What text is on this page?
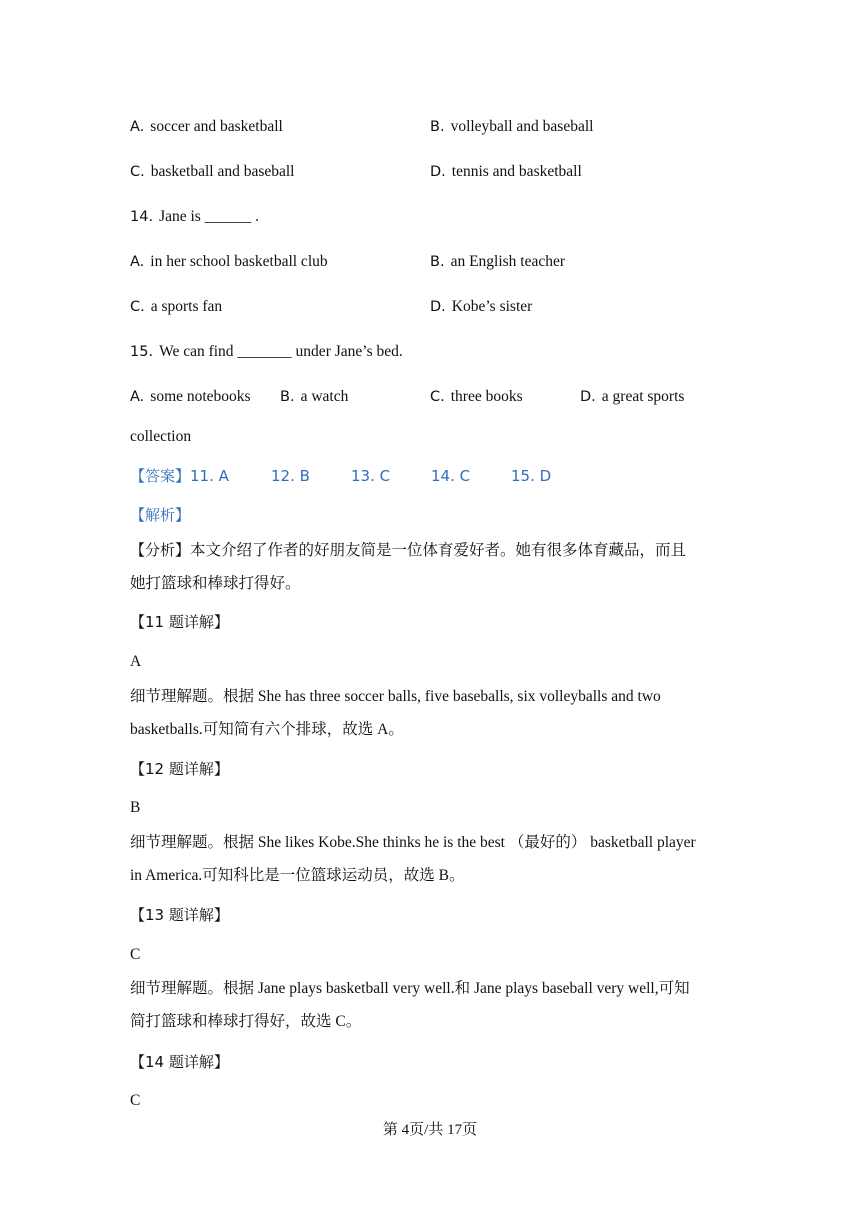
A. soccer and basketball	B. volleyball and baseball
C. basketball and baseball	D. tennis and basketball
14. Jane is ______ .
A. in her school basketball club	B. an English teacher
C. a sports fan	D. Kobe’s sister
15. We can find _______ under Jane’s bed.
A. some notebooks B. a watch	C. three books	D. a great sports
collection
【答案】11. A	12. B	13. C	14. C	15. D
【解析】
【分析】本文介绍了作者的好朋友简是一位体育爱好者。她有很多体育藏品，而且
她打篮球和棒球打得好。
【11 题详解】
A
细节理解题。根据 She has three soccer balls, five baseballs, six volleyballs and two
basketballs.可知简有六个排球，故选 A。
【12 题详解】
B
细节理解题。根据 She likes Kobe.She thinks he is the best （最好的） basketball player
in America.可知科比是一位篮球运动员，故选 B。
【13 题详解】
C
细节理解题。根据 Jane plays basketball very well.和 Jane plays baseball very well,可知
简打篮球和棒球打得好，故选 C。
【14 题详解】
C
第 4页/共 17页
